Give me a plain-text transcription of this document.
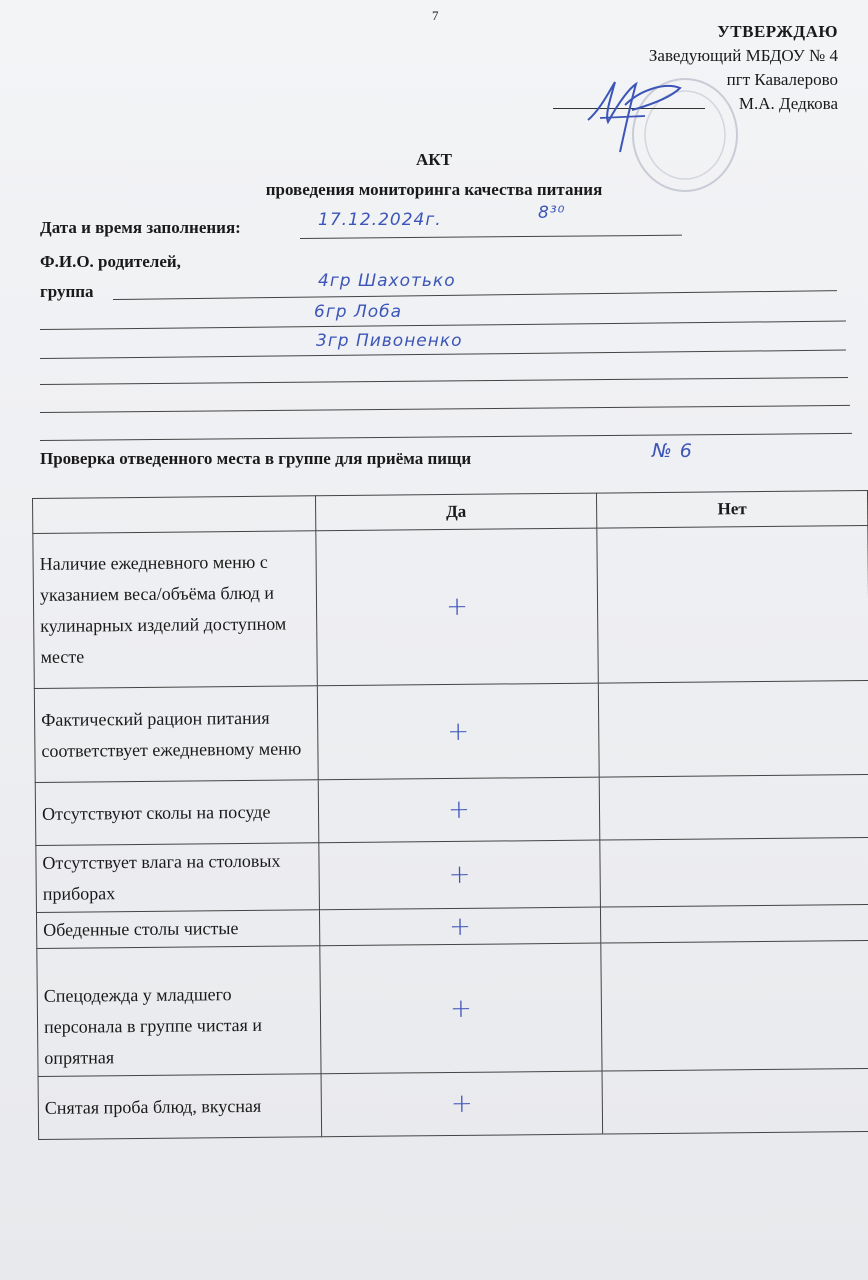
7
УТВЕРЖДАЮ
Заведующий МБДОУ № 4
пгт Кавалерово
М.А. Дедкова
АКТ
проведения мониторинга качества питания
Дата и время заполнения:	17.12.2024г.	8³⁰
Ф.И.О. родителей,
группа
4гр Шахотько
6гр Лоба
3гр Пивоненко
Проверка отведенного места в группе для приёма пищи	№ 6
	Да	Нет
Наличие ежедневного меню с указанием веса/объёма блюд и кулинарных изделий доступном месте	+	
Фактический рацион питания соответствует ежедневному меню	+	
Отсутствуют сколы на посуде	+	
Отсутствует влага на столовых приборах	+	
Обеденные столы чистые	+	
Спецодежда у младшего персонала в группе чистая и опрятная	+	
Снятая проба блюд, вкусная	+	
